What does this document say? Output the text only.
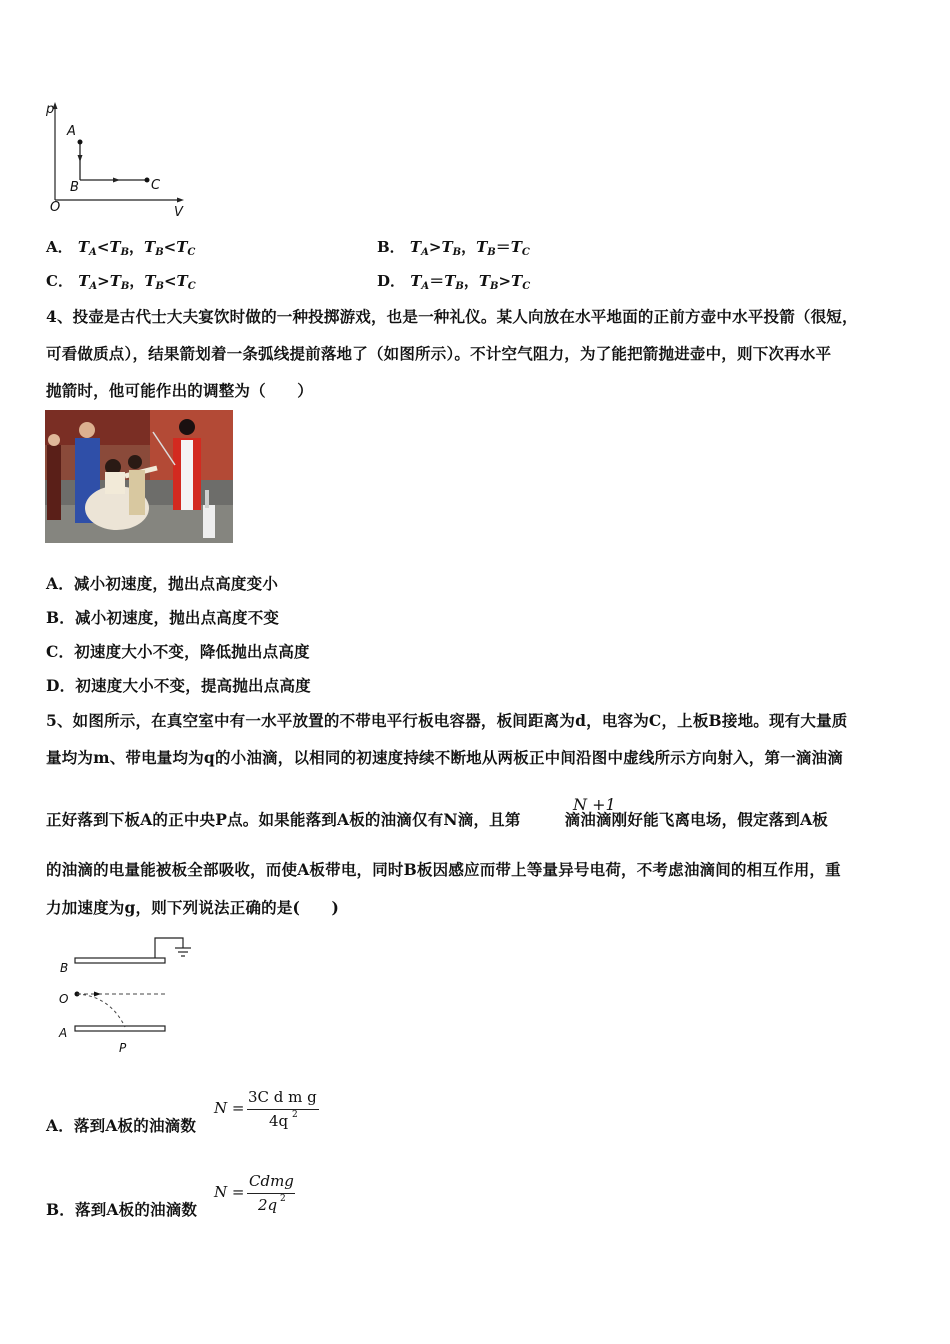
p
V
O
A
B	C
A． $T_A<T_B$，$T_B<T_C$	B． $T_A>T_B$，$T_B=T_C$
C． $T_A>T_B$，$T_B<T_C$	D． $T_A=T_B$，$T_B>T_C$
4、投壶是古代士大夫宴饮时做的一种投掷游戏，也是一种礼仪。某人向放在水平地面的正前方壶中水平投箭（很短，
可看做质点），结果箭划着一条弧线提前落地了（如图所示）。不计空气阻力，为了能把箭抛进壶中，则下次再水平
抛箭时，他可能作出的调整为（　　）
A．减小初速度，抛出点高度变小
B．减小初速度，抛出点高度不变
C．初速度大小不变，降低抛出点高度
D．初速度大小不变，提高抛出点高度
5、如图所示，在真空室中有一水平放置的不带电平行板电容器，板间距离为d，电容为C，上板B接地。现有大量质
量均为m、带电量均为q的小油滴，以相同的初速度持续不断地从两板正中间沿图中虚线所示方向射入，第一滴油滴
正好落到下板A的正中央P点。如果能落到A板的油滴仅有N滴，且第	滴油滴刚好能飞离电场，假定落到A板
N +1
的油滴的电量能被板全部吸收，而使A板带电，同时B板因感应而带上等量异号电荷，不考虑油滴间的相互作用，重
力加速度为g，则下列说法正确的是(　　)
B
O
A
P
A．落到A板的油滴数
N =
3C d m g
4q 2
B．落到A板的油滴数
N =
Cdmg
2q 2
